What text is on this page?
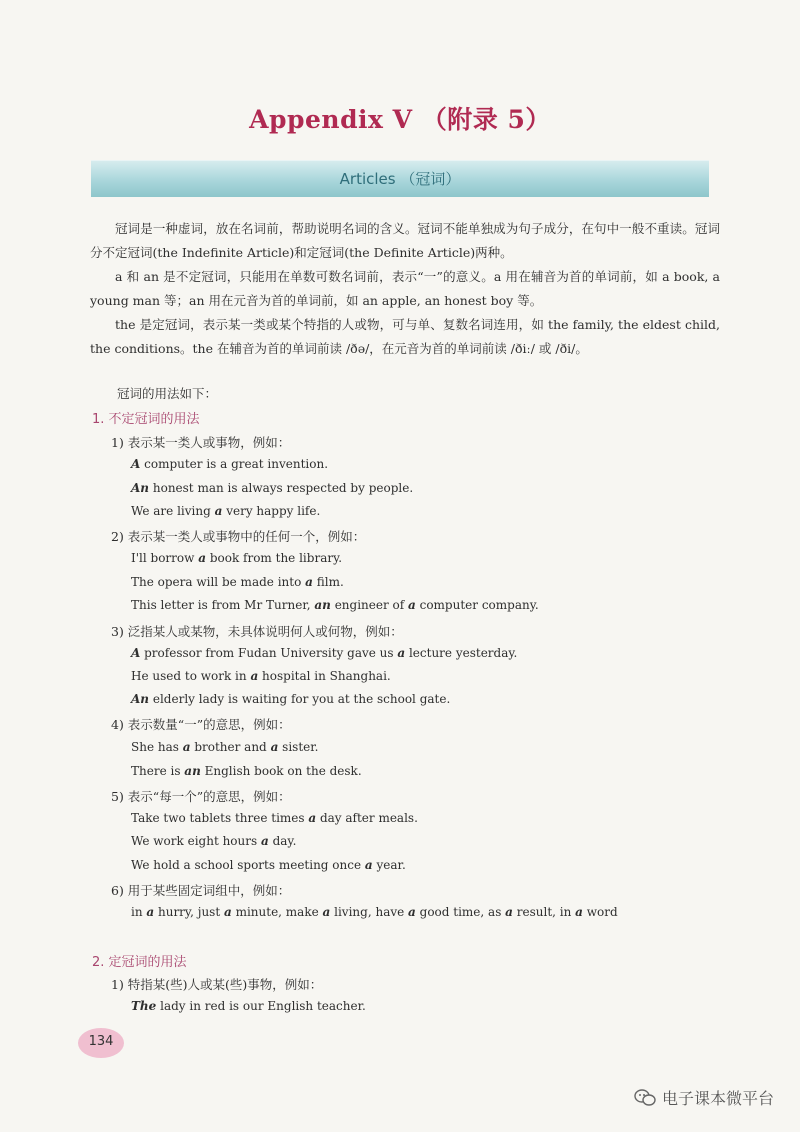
Appendix V （附录 5）
Articles （冠词）
冠词是一种虚词，放在名词前，帮助说明名词的含义。冠词不能单独成为句子成分，在句中一般不重读。冠词分不定冠词(the Indefinite Article)和定冠词(the Definite Article)两种。
a 和 an 是不定冠词，只能用在单数可数名词前，表示“一”的意义。a 用在辅音为首的单词前，如 a book, a young man 等；an 用在元音为首的单词前，如 an apple, an honest boy 等。
the 是定冠词，表示某一类或某个特指的人或物，可与单、复数名词连用，如 the family, the eldest child, the conditions。the 在辅音为首的单词前读 /ðə/，在元音为首的单词前读 /ðiː/ 或 /ði/。
冠词的用法如下：
1. 不定冠词的用法
1) 表示某一类人或事物，例如：
A computer is a great invention.
An honest man is always respected by people.
We are living a very happy life.
2) 表示某一类人或事物中的任何一个，例如：
I'll borrow a book from the library.
The opera will be made into a film.
This letter is from Mr Turner, an engineer of a computer company.
3) 泛指某人或某物，未具体说明何人或何物，例如：
A professor from Fudan University gave us a lecture yesterday.
He used to work in a hospital in Shanghai.
An elderly lady is waiting for you at the school gate.
4) 表示数量“一”的意思，例如：
She has a brother and a sister.
There is an English book on the desk.
5) 表示“每一个”的意思，例如：
Take two tablets three times a day after meals.
We work eight hours a day.
We hold a school sports meeting once a year.
6) 用于某些固定词组中，例如：
in a hurry, just a minute, make a living, have a good time, as a result, in a word
2. 定冠词的用法
1) 特指某(些)人或某(些)事物，例如：
The lady in red is our English teacher.
134
电子课本微平台
